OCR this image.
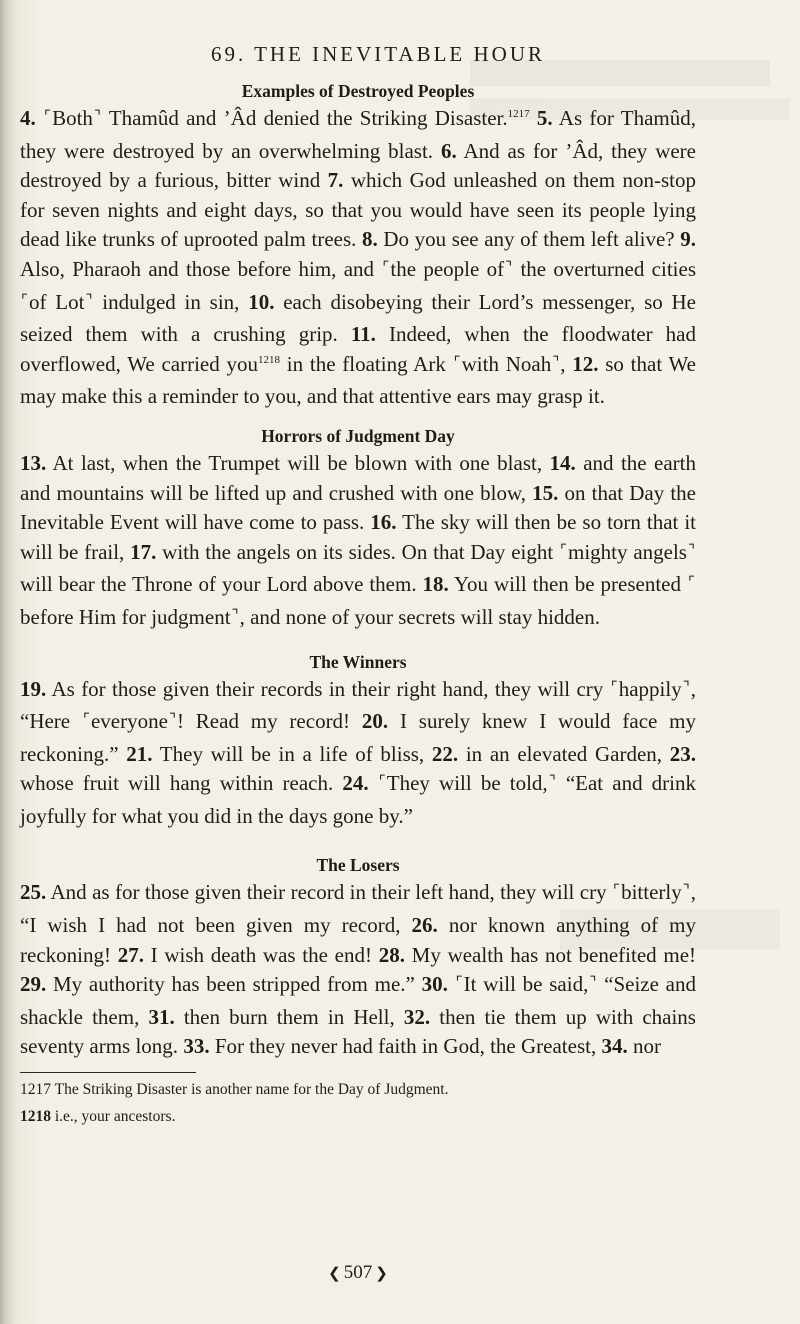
69. THE INEVITABLE HOUR
Examples of Destroyed Peoples

4. ⌜Both⌝ Thamûd and ’Âd denied the Striking Disaster.$^{1217}$ 5. As for Thamûd, they were destroyed by an overwhelming blast. 6. And as for ’Âd, they were destroyed by a furious, bitter wind 7. which God unleashed on them non-stop for seven nights and eight days, so that you would have seen its people lying dead like trunks of uprooted palm trees. 8. Do you see any of them left alive? 9. Also, Pharaoh and those before him, and ⌜the people of⌝ the overturned cities ⌜of Lot⌝ indulged in sin, 10. each disobeying their Lord’s messenger, so He seized them with a crushing grip. 11. Indeed, when the floodwater had overflowed, We carried you$^{1218}$ in the floating Ark ⌜with Noah⌝, 12. so that We may make this a reminder to you, and that attentive ears may grasp it.

Horrors of Judgment Day

13. At last, when the Trumpet will be blown with one blast, 14. and the earth and mountains will be lifted up and crushed with one blow, 15. on that Day the Inevitable Event will have come to pass. 16. The sky will then be so torn that it will be frail, 17. with the angels on its sides. On that Day eight ⌜mighty angels⌝ will bear the Throne of your Lord above them. 18. You will then be presented ⌜ before Him for judgment⌝, and none of your secrets will stay hidden.

The Winners

19. As for those given their records in their right hand, they will cry ⌜happily⌝, “Here ⌜everyone⌝! Read my record! 20. I surely knew I would face my reckoning.” 21. They will be in a life of bliss, 22. in an elevated Garden, 23. whose fruit will hang within reach. 24. ⌜They will be told,⌝ “Eat and drink joyfully for what you did in the days gone by.”

The Losers

25. And as for those given their record in their left hand, they will cry ⌜bitterly⌝, “I wish I had not been given my record, 26. nor known anything of my reckoning! 27. I wish death was the end! 28. My wealth has not benefited me! 29. My authority has been stripped from me.” 30. ⌜It will be said,⌝ “Seize and shackle them, 31. then burn them in Hell, 32. then tie them up with chains seventy arms long. 33. For they never had faith in God, the Greatest, 34. nor

1217 The Striking Disaster is another name for the Day of Judgment.

1218 i.e., your ancestors.

❮ 507 ❯
